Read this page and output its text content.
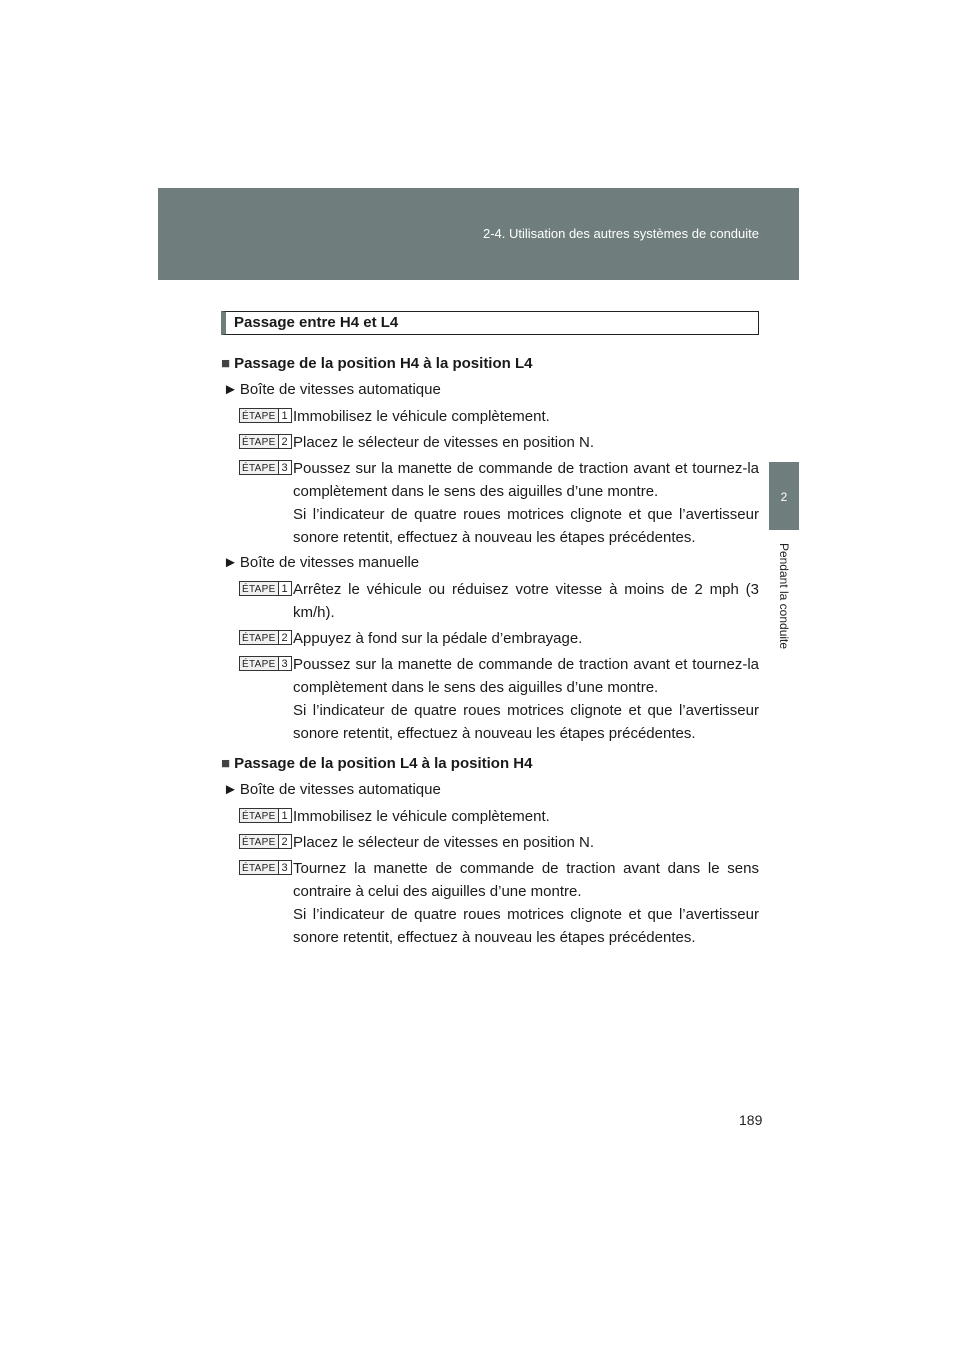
2-4. Utilisation des autres systèmes de conduite
2
Pendant la conduite
Passage entre H4 et L4
■ Passage de la position H4 à la position L4
► Boîte de vitesses automatique
ÉTAPE 1 Immobilisez le véhicule complètement.

ÉTAPE 2 Placez le sélecteur de vitesses en position N.

ÉTAPE 3 Poussez sur la manette de commande de traction avant et tournez-la complètement dans le sens des aiguilles d’une montre.

Si l’indicateur de quatre roues motrices clignote et que l’avertisseur sonore retentit, effectuez à nouveau les étapes précédentes.

► Boîte de vitesses manuelle
ÉTAPE 1 Arrêtez le véhicule ou réduisez votre vitesse à moins de 2 mph (3 km/h).

ÉTAPE 2 Appuyez à fond sur la pédale d’embrayage.

ÉTAPE 3 Poussez sur la manette de commande de traction avant et tournez-la complètement dans le sens des aiguilles d’une montre.

Si l’indicateur de quatre roues motrices clignote et que l’avertisseur sonore retentit, effectuez à nouveau les étapes précédentes.

■ Passage de la position L4 à la position H4
► Boîte de vitesses automatique
ÉTAPE 1 Immobilisez le véhicule complètement.

ÉTAPE 2 Placez le sélecteur de vitesses en position N.

ÉTAPE 3 Tournez la manette de commande de traction avant dans le sens contraire à celui des aiguilles d’une montre.

Si l’indicateur de quatre roues motrices clignote et que l’avertisseur sonore retentit, effectuez à nouveau les étapes précédentes.

189
